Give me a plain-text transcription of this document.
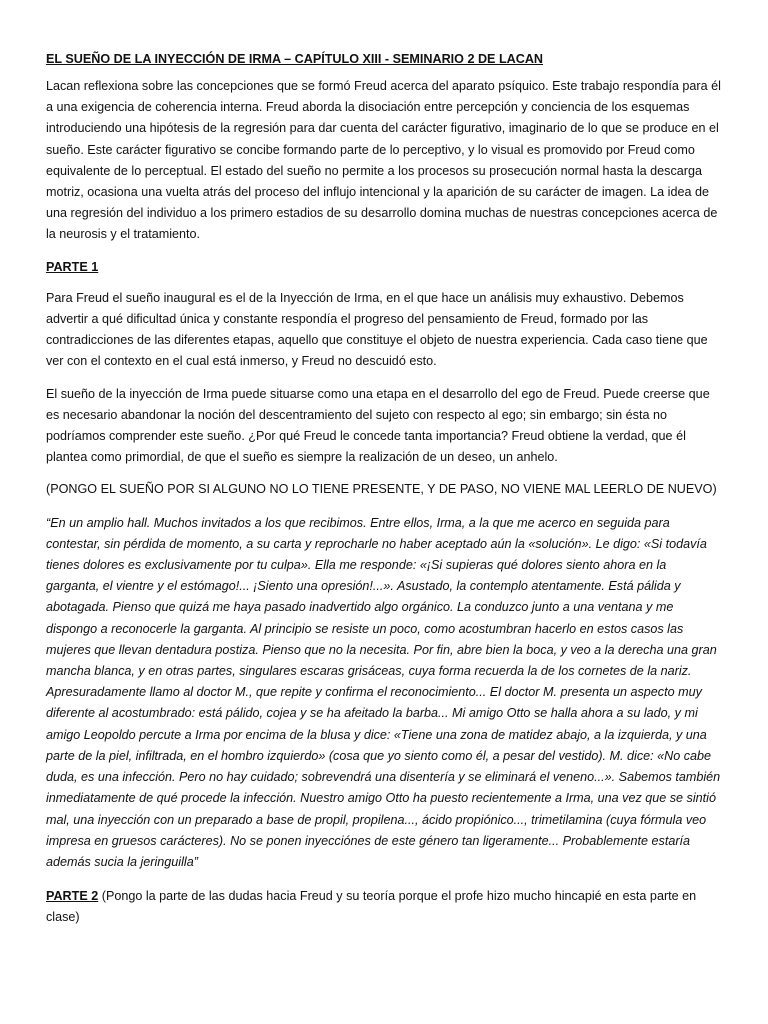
EL SUEÑO DE LA INYECCIÓN DE IRMA – CAPÍTULO XIII - SEMINARIO 2 DE LACAN

Lacan reflexiona sobre las concepciones que se formó Freud acerca del aparato psíquico. Este trabajo respondía para él a una exigencia de coherencia interna. Freud aborda la disociación entre percepción y conciencia de los esquemas introduciendo una hipótesis de la regresión para dar cuenta del carácter figurativo, imaginario de lo que se produce en el sueño. Este carácter figurativo se concibe formando parte de lo perceptivo, y lo visual es promovido por Freud como equivalente de lo perceptual. El estado del sueño no permite a los procesos su prosecución normal hasta la descarga motriz, ocasiona una vuelta atrás del proceso del influjo intencional y la aparición de su carácter de imagen. La idea de una regresión del individuo a los primero estadios de su desarrollo domina muchas de nuestras concepciones acerca de la neurosis y el tratamiento.

PARTE 1

Para Freud el sueño inaugural es el de la Inyección de Irma, en el que hace un análisis muy exhaustivo. Debemos advertir a qué dificultad única y constante respondía el progreso del pensamiento de Freud, formado por las contradicciones de las diferentes etapas, aquello que constituye el objeto de nuestra experiencia. Cada caso tiene que ver con el contexto en el cual está inmerso, y Freud no descuidó esto.

El sueño de la inyección de Irma puede situarse como una etapa en el desarrollo del ego de Freud. Puede creerse que es necesario abandonar la noción del descentramiento del sujeto con respecto al ego; sin embargo; sin ésta no podríamos comprender este sueño. ¿Por qué Freud le concede tanta importancia? Freud obtiene la verdad, que él plantea como primordial, de que el sueño es siempre la realización de un deseo, un anhelo.

(PONGO EL SUEÑO POR SI ALGUNO NO LO TIENE PRESENTE, Y DE PASO, NO VIENE MAL LEERLO DE NUEVO)

“En un amplio hall. Muchos invitados a los que recibimos. Entre ellos, Irma, a la que me acerco en seguida para contestar, sin pérdida de momento, a su carta y reprocharle no haber aceptado aún la «solución». Le digo: «Si todavía tienes dolores es exclusivamente por tu culpa». Ella me responde: «¡Si supieras qué dolores siento ahora en la garganta, el vientre y el estómago!... ¡Siento una opresión!...». Asustado, la contemplo atentamente. Está pálida y abotagada. Pienso que quizá me haya pasado inadvertido algo orgánico. La conduzco junto a una ventana y me dispongo a reconocerle la garganta. Al principio se resiste un poco, como acostumbran hacerlo en estos casos las mujeres que llevan dentadura postiza. Pienso que no la necesita. Por fin, abre bien la boca, y veo a la derecha una gran mancha blanca, y en otras partes, singulares escaras grisáceas, cuya forma recuerda la de los cornetes de la nariz. Apresuradamente llamo al doctor M., que repite y confirma el reconocimiento... El doctor M. presenta un aspecto muy diferente al acostumbrado: está pálido, cojea y se ha afeitado la barba... Mi amigo Otto se halla ahora a su lado, y mi amigo Leopoldo percute a Irma por encima de la blusa y dice: «Tiene una zona de matidez abajo, a la izquierda, y una parte de la piel, infiltrada, en el hombro izquierdo» (cosa que yo siento como él, a pesar del vestido). M. dice: «No cabe duda, es una infección. Pero no hay cuidado; sobrevendrá una disentería y se eliminará el veneno...». Sabemos también inmediatamente de qué procede la infección. Nuestro amigo Otto ha puesto recientemente a Irma, una vez que se sintió mal, una inyección con un preparado a base de propil, propilena..., ácido propiónico..., trimetilamina (cuya fórmula veo impresa en gruesos carácteres). No se ponen inyecciónes de este género tan ligeramente... Probablemente estaría además sucia la jeringuilla”

PARTE 2 (Pongo la parte de las dudas hacia Freud y su teoría porque el profe hizo mucho hincapié en esta parte en clase)
